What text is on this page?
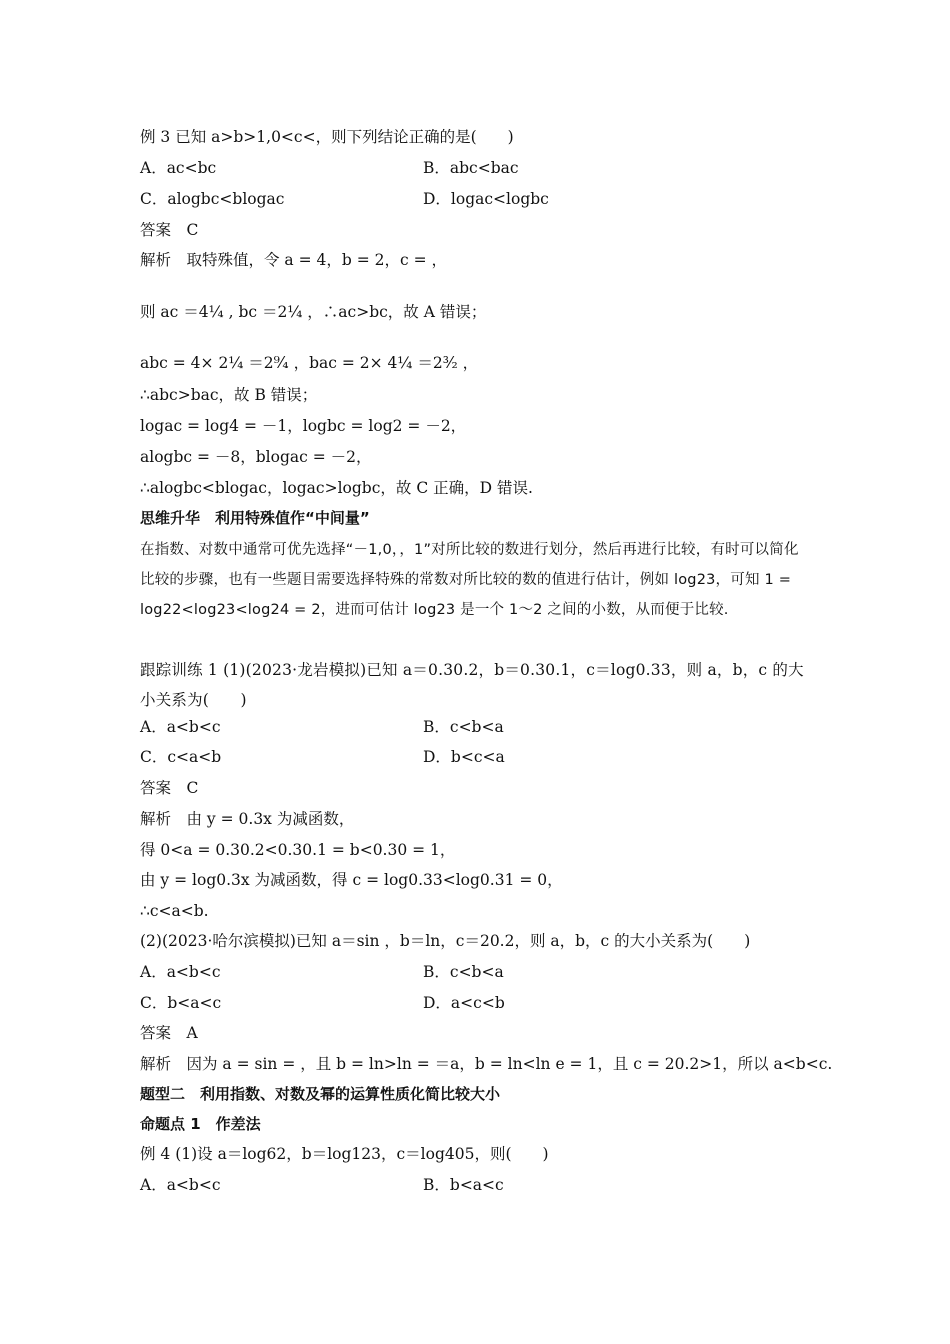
例 3 已知 a>b>1,0<c<，则下列结论正确的是(　　)
A．ac<bc	B．abc<bac
C．alogbc<blogac	D．logac<logbc
答案　C
解析　取特殊值，令 a = 4，b = 2，c = ，
则 ac ＝4¼ , bc ＝2¼ ，∴ac>bc，故 A 错误；
abc = 4× 2¼ ＝2⁹⁄₄ ，bac = 2× 4¼ ＝2³⁄₂ ，
∴abc>bac，故 B 错误；
logac = log4 = －1，logbc = log2 = －2，
alogbc = －8，blogac = －2，
∴alogbc<blogac，logac>logbc，故 C 正确，D 错误.
思维升华　利用特殊值作“中间量”
在指数、对数中通常可优先选择“－1,0，，1”对所比较的数进行划分，然后再进行比较，有时可以简化比较的步骤，也有一些题目需要选择特殊的常数对所比较的数的值进行估计，例如 log23，可知 1 = log22<log23<log24 = 2，进而可估计 log23 是一个 1～2 之间的小数，从而便于比较.
跟踪训练 1 (1)(2023·龙岩模拟)已知 a＝0.30.2，b＝0.30.1，c＝log0.33，则 a，b，c 的大小关系为(　　)
A．a<b<c	B．c<b<a
C．c<a<b	D．b<c<a
答案　C
解析　由 y = 0.3x 为减函数，
得 0<a = 0.30.2<0.30.1 = b<0.30 = 1，
由 y = log0.3x 为减函数，得 c = log0.33<log0.31 = 0，
∴c<a<b.
(2)(2023·哈尔滨模拟)已知 a＝sin ，b＝ln，c＝20.2，则 a，b，c 的大小关系为(　　)
A．a<b<c	B．c<b<a
C．b<a<c	D．a<c<b
答案　A
解析　因为 a = sin = ，且 b = ln>ln = ＝a，b = ln<ln e = 1，且 c = 20.2>1，所以 a<b<c.
题型二　利用指数、对数及幂的运算性质化简比较大小
命题点 1　作差法
例 4 (1)设 a＝log62，b＝log123，c＝log405，则(　　)
A．a<b<c	B．b<a<c
